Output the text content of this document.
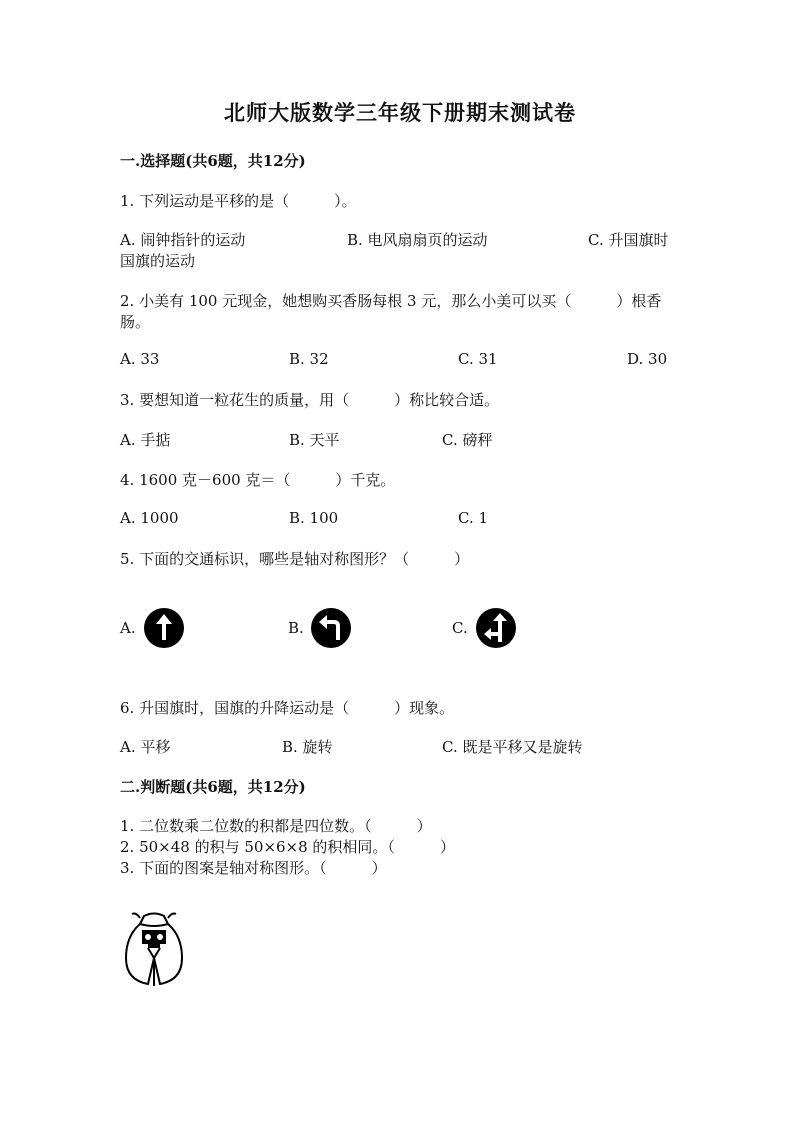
北师大版数学三年级下册期末测试卷
一.选择题(共6题，共12分)
1. 下列运动是平移的是（　　　）。
A. 闹钟指针的运动	B. 电风扇扇页的运动	C. 升国旗时
国旗的运动
2. 小美有 100 元现金，她想购买香肠每根 3 元，那么小美可以买（　　　）根香
肠。
A. 33	B. 32	C. 31	D. 30
3. 要想知道一粒花生的质量，用（　　　）称比较合适。
A. 手掂	B. 天平	C. 磅秤
4. 1600 克－600 克＝（　　　）千克。
A. 1000	B. 100	C. 1
5. 下面的交通标识，哪些是轴对称图形？（　　　）
A.	B.	C.
6. 升国旗时，国旗的升降运动是（　　　）现象。
A. 平移	B. 旋转	C. 既是平移又是旋转
二.判断题(共6题，共12分)
1. 二位数乘二位数的积都是四位数。（　　　）
2. 50×48 的积与 50×6×8 的积相同。（　　　）
3. 下面的图案是轴对称图形。（　　　）
